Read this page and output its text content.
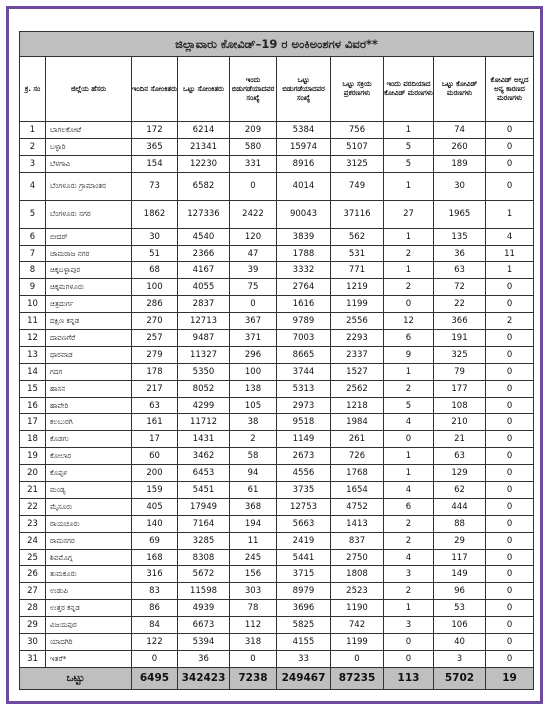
ಜಿಲ್ಲಾವಾರು ಕೋವಿಡ್–19 ರ ಅಂಕಿಅಂಶಗಳ ವಿವರ**									
ಕ್ರ. ಸಂ	ಜಿಲ್ಲೆಯ ಹೆಸರು	ಇಂದಿನ ಸೋಂಕಿತರು	ಒಟ್ಟು ಸೋಂಕಿತರು	ಇಂದು ಬಿಡುಗಡೆಯಾದವರ ಸಂಖ್ಯೆ	ಒಟ್ಟು ಬಿಡುಗಡೆಯಾದವರ ಸಂಖ್ಯೆ	ಒಟ್ಟು ಸಕ್ರಿಯ ಪ್ರಕರಣಗಳು	ಇಂದು ವರದಿಯಾದ ಕೋವಿಡ್ ಮರಣಗಳು	ಒಟ್ಟು ಕೋವಿಡ್ ಮರಣಗಳು	ಕೋವಿಡ್ ಅಲ್ಲದ ಅನ್ಯ ಕಾರಣದ ಮರಣಗಳು
1	ಬಾಗಲಕೋಟೆ	172	6214	209	5384	756	1	74	0
2	ಬಳ್ಳಾರಿ	365	21341	580	15974	5107	5	260	0
3	ಬೆಳಗಾವಿ	154	12230	331	8916	3125	5	189	0
4	ಬೆಂಗಳೂರು ಗ್ರಾಮಾಂತರ	73	6582	0	4014	749	1	30	0
5	ಬೆಂಗಳೂರು ನಗರ	1862	127336	2422	90043	37116	27	1965	1
6	ಬೀದರ್	30	4540	120	3839	562	1	135	4
7	ಚಾಮರಾಜ ನಗರ	51	2366	47	1788	531	2	36	11
8	ಚಿಕ್ಕಬಳ್ಳಾಪುರ	68	4167	39	3332	771	1	63	1
9	ಚಿಕ್ಕಮಗಳೂರು	100	4055	75	2764	1219	2	72	0
10	ಚಿತ್ರದುರ್ಗ	286	2837	0	1616	1199	0	22	0
11	ದಕ್ಷಿಣ ಕನ್ನಡ	270	12713	367	9789	2556	12	366	2
12	ದಾವಣಗೆರೆ	257	9487	371	7003	2293	6	191	0
13	ಧಾರವಾಡ	279	11327	296	8665	2337	9	325	0
14	ಗದಗ	178	5350	100	3744	1527	1	79	0
15	ಹಾಸನ	217	8052	138	5313	2562	2	177	0
16	ಹಾವೇರಿ	63	4299	105	2973	1218	5	108	0
17	ಕಲಬುರಗಿ	161	11712	38	9518	1984	4	210	0
18	ಕೊಡಗು	17	1431	2	1149	261	0	21	0
19	ಕೋಲಾರ	60	3462	58	2673	726	1	63	0
20	ಕೊಪ್ಪಳ	200	6453	94	4556	1768	1	129	0
21	ಮಂಡ್ಯ	159	5451	61	3735	1654	4	62	0
22	ಮೈಸೂರು	405	17949	368	12753	4752	6	444	0
23	ರಾಯಚೂರು	140	7164	194	5663	1413	2	88	0
24	ರಾಮನಗರ	69	3285	11	2419	837	2	29	0
25	ಶಿವಮೊಗ್ಗ	168	8308	245	5441	2750	4	117	0
26	ತುಮಕೂರು	316	5672	156	3715	1808	3	149	0
27	ಉಡುಪಿ	83	11598	303	8979	2523	2	96	0
28	ಉತ್ತರ ಕನ್ನಡ	86	4939	78	3696	1190	1	53	0
29	ವಿಜಯಪುರ	84	6673	112	5825	742	3	106	0
30	ಯಾದಗಿರಿ	122	5394	318	4155	1199	0	40	0
31	ಇತರೆ*	0	36	0	33	0	0	3	0
ಒಟ್ಟು		6495	342423	7238	249467	87235	113	5702	19
